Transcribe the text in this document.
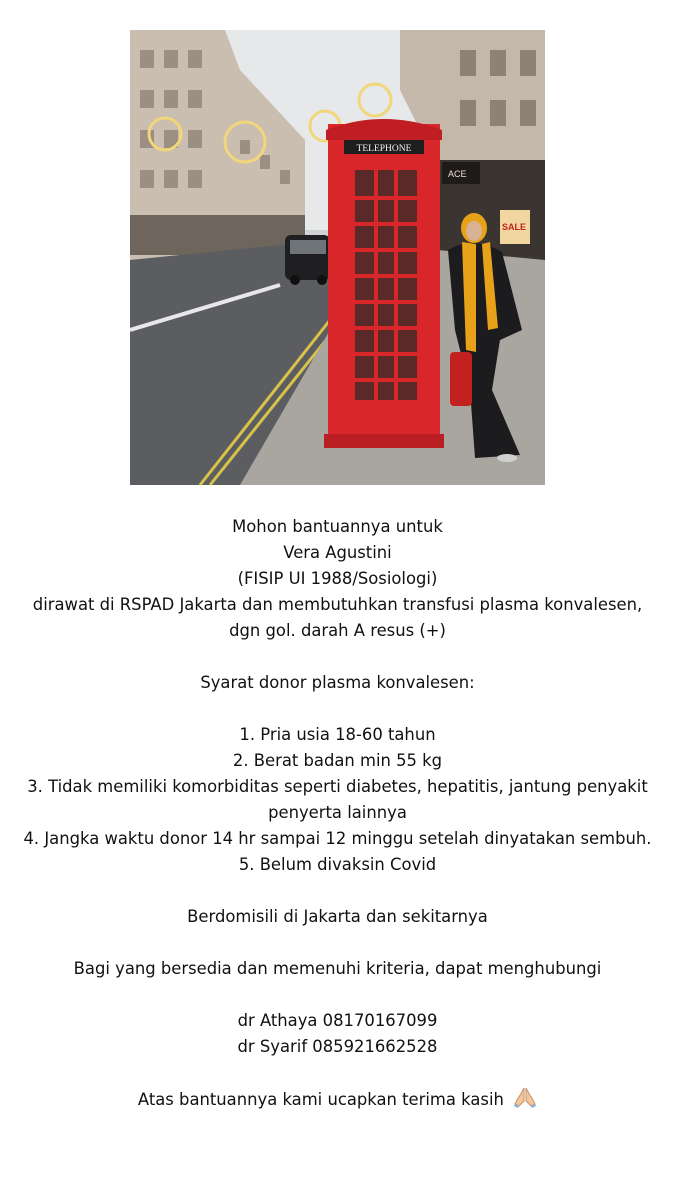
ACE
SALE
TELEPHONE
Mohon bantuannya untuk
Vera Agustini
(FISIP UI 1988/Sosiologi)
dirawat di RSPAD Jakarta dan membutuhkan transfusi plasma konvalesen,
dgn gol. darah A resus (+)
Syarat donor plasma konvalesen:
1. Pria usia 18-60 tahun
2. Berat badan min 55 kg
3. Tidak memiliki komorbiditas seperti diabetes, hepatitis, jantung penyakit
penyerta lainnya
4. Jangka waktu donor 14 hr sampai 12 minggu setelah dinyatakan sembuh.
5. Belum divaksin Covid
Berdomisili di Jakarta dan sekitarnya
Bagi yang bersedia dan memenuhi kriteria, dapat menghubungi
dr Athaya 08170167099
dr Syarif 085921662528
Atas bantuannya kami ucapkan terima kasih
